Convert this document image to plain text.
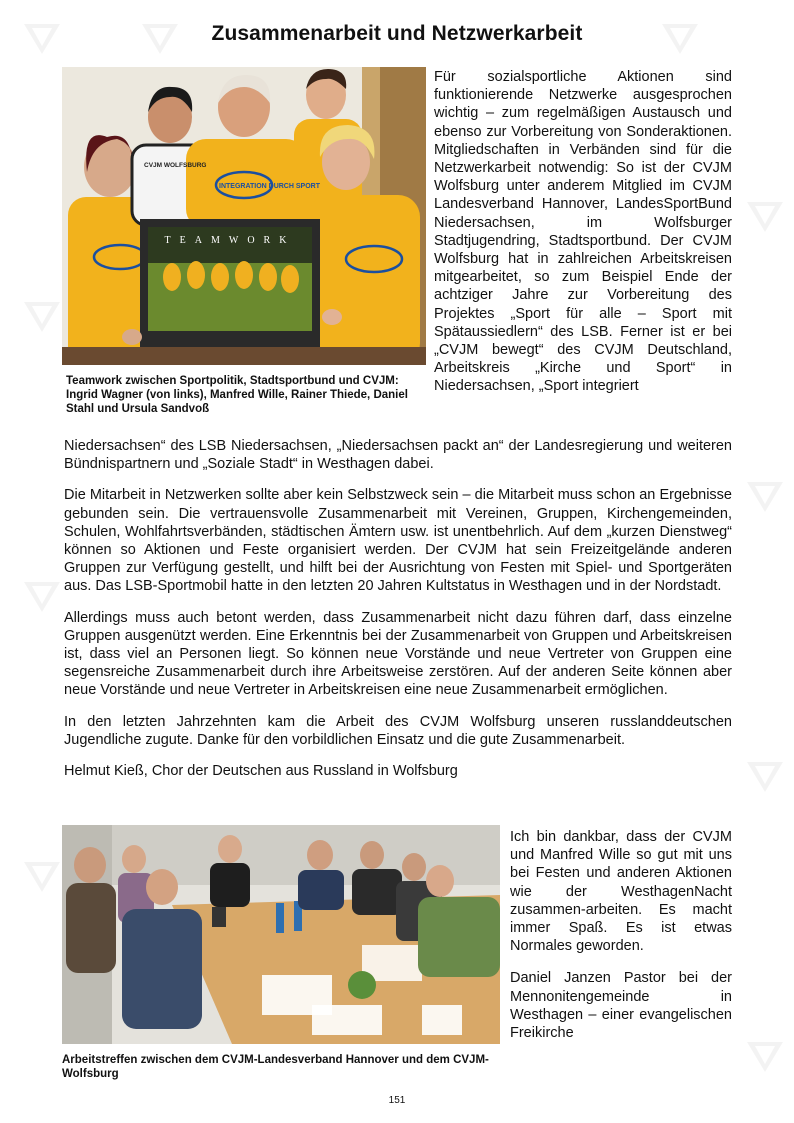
Zusammenarbeit und Netzwerkarbeit
INTEGRATION DURCH SPORT
CVJM WOLFSBURG
TEAMWORK
Teamwork zwischen Sportpolitik, Stadtsportbund und CVJM: Ingrid Wagner (von links), Manfred Wille, Rainer Thiede, Daniel Stahl und Ursula Sandvoß
Für sozialsportliche Aktionen sind funktionierende Netzwerke ausgesprochen wichtig – zum regelmäßigen Austausch und ebenso zur Vorbereitung von Sonderaktionen. Mitgliedschaften in Verbänden sind für die Netzwerkarbeit notwendig: So ist der CVJM Wolfsburg unter anderem Mitglied im CVJM Landesverband Hannover, LandesSportBund Niedersachsen, im Wolfsburger Stadtjugendring, Stadtsportbund. Der CVJM Wolfsburg hat in zahlreichen Arbeitskreisen mitgearbeitet, so zum Beispiel Ende der achtziger Jahre zur Vorbereitung des Projektes „Sport für alle – Sport mit Spätaussiedlern“ des LSB. Ferner ist er bei „CVJM bewegt“ des CVJM Deutschland, Arbeitskreis „Kirche und Sport“ in Niedersachsen, „Sport integriert

Niedersachsen“ des LSB Niedersachsen, „Niedersachsen packt an“ der Landesregierung und weiteren Bündnispartnern und „Soziale Stadt“ in Westhagen dabei.

Die Mitarbeit in Netzwerken sollte aber kein Selbstzweck sein – die Mitarbeit muss schon an Ergebnisse gebunden sein. Die vertrauensvolle Zusammenarbeit mit Vereinen, Gruppen, Kirchengemeinden, Schulen, Wohlfahrtsverbänden, städtischen Ämtern usw. ist unentbehrlich. Auf dem „kurzen Dienstweg“ können so Aktionen und Feste organisiert werden. Der CVJM hat sein Freizeitgelände anderen Gruppen zur Verfügung gestellt, und hilft bei der Ausrichtung von Festen mit Spiel- und Sportgeräten aus. Das LSB-Sportmobil hatte in den letzten 20 Jahren Kultstatus in Westhagen und in der Nordstadt.

Allerdings muss auch betont werden, dass Zusammenarbeit nicht dazu führen darf, dass einzelne Gruppen ausgenützt werden. Eine Erkenntnis bei der Zusammenarbeit von Gruppen und Arbeitskreisen ist, dass viel an Personen liegt. So können neue Vorstände und neue Vertreter von Gruppen eine segensreiche Zusammenarbeit durch ihre Arbeitsweise zerstören. Auf der anderen Seite können aber neue Vorstände und neue Vertreter in Arbeitskreisen eine neue Zusammenarbeit ermöglichen.

In den letzten Jahrzehnten kam die Arbeit des CVJM Wolfsburg unseren russlanddeutschen Jugendliche zugute. Danke für den vorbildlichen Einsatz und die gute Zusammenarbeit.

Helmut Kieß, Chor der Deutschen aus Russland in Wolfsburg

Arbeitstreffen zwischen dem CVJM-Landesverband Hannover und dem CVJM-Wolfsburg

Ich bin dankbar, dass der CVJM und Manfred Wille so gut mit uns bei Festen und anderen Aktionen wie der WesthagenNacht zusammen-arbeiten. Es macht immer Spaß. Es ist etwas Normales geworden.

Daniel Janzen Pastor bei der Mennonitengemeinde in Westhagen – einer evangelischen Freikirche

151
